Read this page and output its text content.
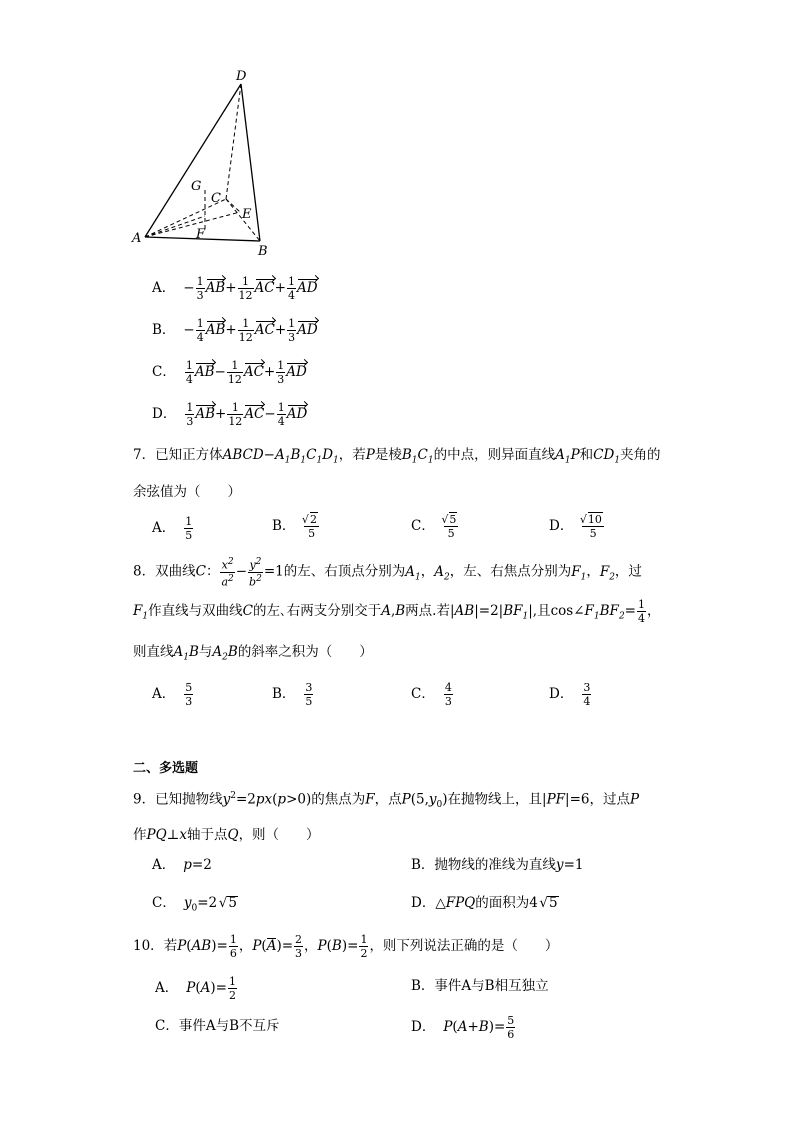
D
G
C
E
A	F
B
A． − $\frac{1}{3} AB+ \frac{1}{12} AC+ \frac{1}{4}$ AD
B． − $\frac{1}{4} AB+ \frac{1}{12} AC+ \frac{1}{3}$ AD
C． $\frac{1}{4} AB- \frac{1}{12} AC+ \frac{1}{3}$ AD
D． $\frac{1}{3} AB+ \frac{1}{12} AC- \frac{1}{4}$ AD
7．已知正方体$ABCD-A_1B_1C_1D_1$，若P是棱$B_1C_1$的中点，则异面直线$A_1P$和$CD_1$夹角的
余弦值为（　　）
A． $\frac{1}{5}$	B． √ $\frac{2}{5}$	C． √ $\frac{5}{5}$	D． √ $\frac{10}{5}$
8．双曲线C： $\frac{x^2}{a^2} - \frac{y^2}{b^2} =1$的左、右顶点分别为$A_1$，$A_2$，左、右焦点分别为$F_1$，$F_2$，过
$F_1$作直线与双曲线C的左､右两支分别交于A,B两点.若$|AB|=2|BF_1|$,且$\cos\angle F_1BF_2= \frac{1}{4}$ ，
则直线$A_1B$与$A_2B$的斜率之积为（　　）
A． $\frac{5}{3}$	B． $\frac{3}{5}$	C． $\frac{4}{3}$	D． $\frac{3}{4}$
二、多选题
9．已知抛物线$y^2=2px(p>0)$的焦点为F，点$P(5,y_0)$在抛物线上，且|PF|=6，过点P
作PQ⊥x轴于点Q，则（　　）
A． p=2	B．抛物线的准线为直线y=1
C． $y_0=2$  √ 5	D．△FPQ的面积为4  √ 5
10．若$P(AB)= \frac{1}{6}$ ，$P(A)= \frac{2}{3}$ ，$P(B)= \frac{1}{2}$ ，则下列说法正确的是（　　）
A． $P(A)= \frac{1}{2}$	B．事件A与B相互独立
C．事件A与B不互斥	D． $P(A+B)= \frac{5}{6}$
